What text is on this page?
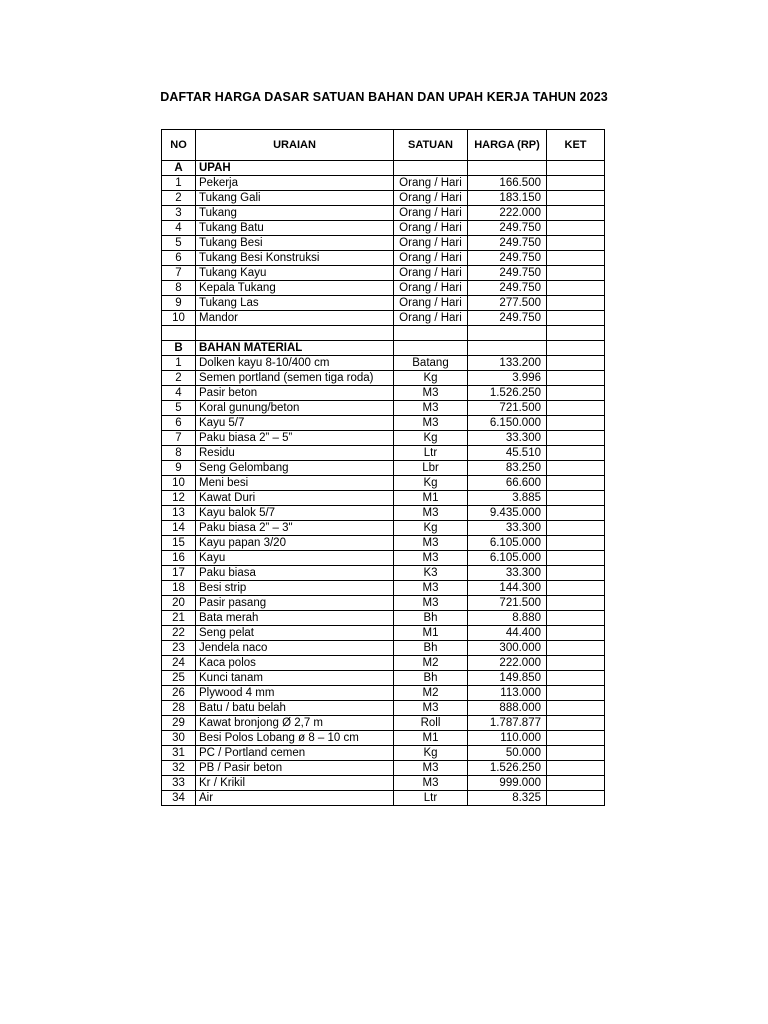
DAFTAR HARGA DASAR SATUAN BAHAN DAN UPAH KERJA TAHUN 2023
NO	URAIAN	SATUAN	HARGA (RP)	KET
A	UPAH			
1	Pekerja	Orang / Hari	166.500	
2	Tukang Gali	Orang / Hari	183.150	
3	Tukang	Orang / Hari	222.000	
4	Tukang Batu	Orang / Hari	249.750	
5	Tukang Besi	Orang / Hari	249.750	
6	Tukang Besi Konstruksi	Orang / Hari	249.750	
7	Tukang Kayu	Orang / Hari	249.750	
8	Kepala Tukang	Orang / Hari	249.750	
9	Tukang Las	Orang / Hari	277.500	
10	Mandor	Orang / Hari	249.750	

B	BAHAN MATERIAL			
1	Dolken kayu 8-10/400 cm	Batang	133.200	
2	Semen portland (semen tiga roda)	Kg	3.996	
4	Pasir beton	M3	1.526.250	
5	Koral gunung/beton	M3	721.500	
6	Kayu 5/7	M3	6.150.000	
7	Paku biasa 2” – 5”	Kg	33.300	
8	Residu	Ltr	45.510	
9	Seng Gelombang	Lbr	83.250	
10	Meni besi	Kg	66.600	
12	Kawat Duri	M1	3.885	
13	Kayu balok 5/7	M3	9.435.000	
14	Paku biasa 2” – 3"	Kg	33.300	
15	Kayu papan 3/20	M3	6.105.000	
16	Kayu	M3	6.105.000	
17	Paku biasa	K3	33.300	
18	Besi strip	M3	144.300	
20	Pasir pasang	M3	721.500	
21	Bata merah	Bh	8.880	
22	Seng pelat	M1	44.400	
23	Jendela naco	Bh	300.000	
24	Kaca polos	M2	222.000	
25	Kunci tanam	Bh	149.850	
26	Plywood 4 mm	M2	113.000	
28	Batu / batu belah	M3	888.000	
29	Kawat bronjong Ø 2,7 m	Roll	1.787.877	
30	Besi Polos Lobang ø 8 – 10 cm	M1	110.000	
31	PC / Portland cemen	Kg	50.000	
32	PB / Pasir beton	M3	1.526.250	
33	Kr / Krikil	M3	999.000	
34	Air	Ltr	8.325	
